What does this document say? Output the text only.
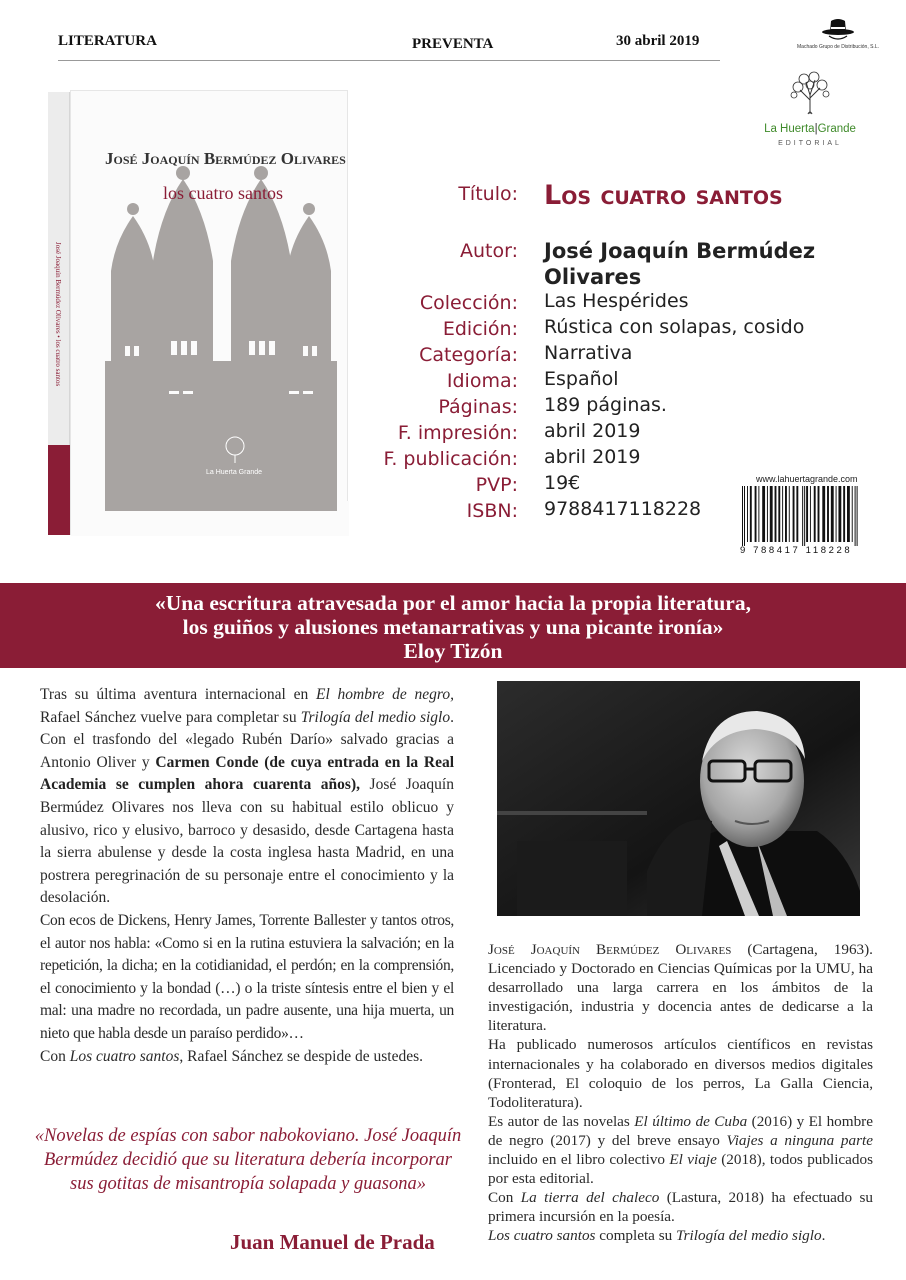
LITERATURA	PREVENTA	30 abril 2019	Machado Grupo de Distribución, S.L.
La Huerta|Grande
EDITORIAL
José Joaquín Bermúdez Olivares • los cuatro santos
José Joaquín Bermúdez Olivares
los cuatro santos
La Huerta Grande
Título: Los cuatro santos
Autor: José Joaquín Bermúdez Olivares
Colección: Las Hespérides
Edición: Rústica con solapas, cosido
Categoría: Narrativa
Idioma: Español
Páginas: 189 páginas.
F. impresión: abril 2019
F. publicación: abril 2019
PVP: 19€
ISBN: 9788417118228
www.lahuertagrande.com
9 788417 118228
«Una escritura atravesada por el amor hacia la propia literatura,
los guiños y alusiones metanarrativas y una picante ironía»
Eloy Tizón

Tras su última aventura internacional en El hombre de negro, Rafael Sánchez vuelve para completar su Trilogía del medio siglo. Con el trasfondo del «legado Rubén Darío» salvado gracias a Antonio Oliver y Carmen Conde (de cuya entrada en la Real Academia se cumplen ahora cuarenta años), José Joaquín Bermúdez Olivares nos lleva con su habitual estilo oblicuo y alusivo, rico y elusivo, barroco y desasido, desde Cartagena hasta la sierra abulense y desde la costa inglesa hasta Madrid, en una postrera peregrinación de su personaje entre el conocimiento y la desolación.

Con ecos de Dickens, Henry James, Torrente Ballester y tantos otros, el autor nos habla: «Como si en la rutina estuviera la salvación; en la repetición, la dicha; en la cotidianidad, el perdón; en la comprensión, el conocimiento y la bondad (…) o la triste síntesis entre el bien y el mal: una madre no recordada, un padre ausente, una hija muerta, un nieto que habla desde un paraíso perdido»…

Con Los cuatro santos, Rafael Sánchez se despide de ustedes.

«Novelas de espías con sabor nabokoviano. José Joaquín Bermúdez decidió que su literatura debería incorporar sus gotitas de misantropía solapada y guasona»
Juan Manuel de Prada

José Joaquín Bermúdez Olivares (Cartagena, 1963). Licenciado y Doctorado en Ciencias Químicas por la UMU, ha desarrollado una larga carrera en los ámbitos de la investigación, industria y docencia antes de dedicarse a la literatura.

Ha publicado numerosos artículos científicos en revistas internacionales y ha colaborado en diversos medios digitales (Fronterad, El coloquio de los perros, La Galla Ciencia, Todoliteratura).

Es autor de las novelas El último de Cuba (2016) y El hombre de negro (2017) y del breve ensayo Viajes a ninguna parte incluido en el libro colectivo El viaje (2018), todos publicados por esta editorial.

Con La tierra del chaleco (Lastura, 2018) ha efectuado su primera incursión en la poesía.

Los cuatro santos completa su Trilogía del medio siglo.
